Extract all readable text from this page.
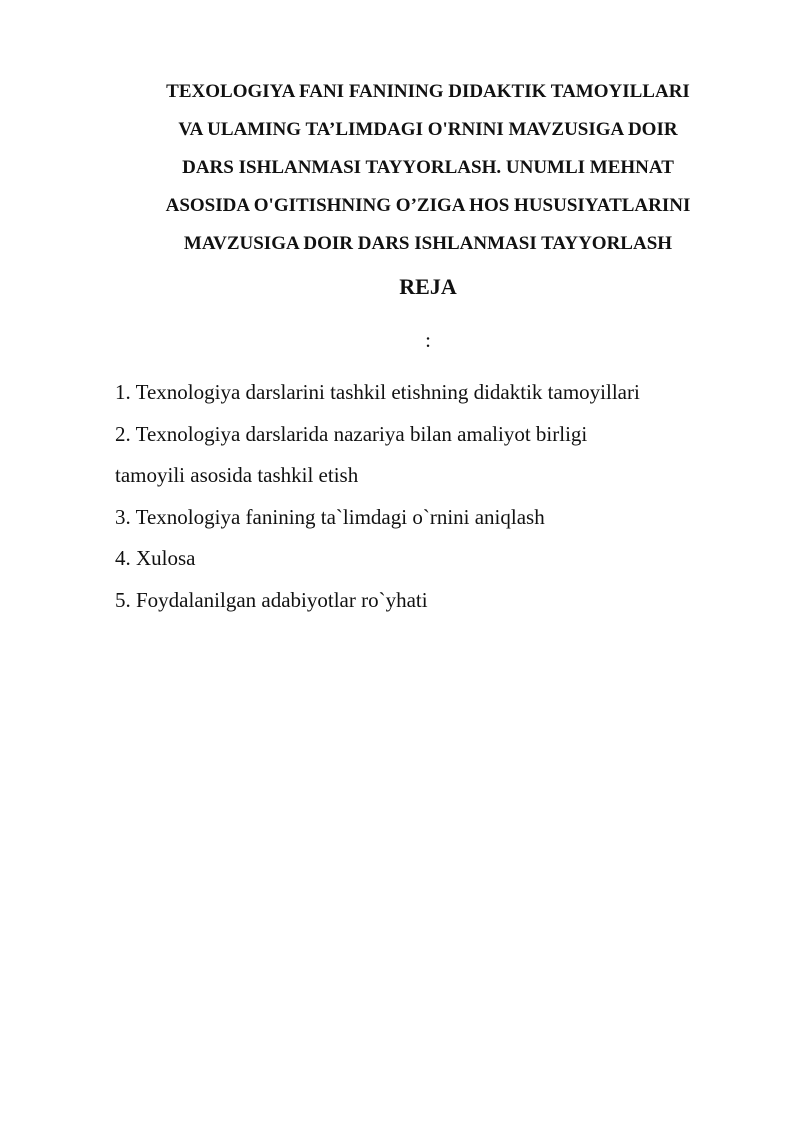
TEXOLOGIYA FANI FANINING DIDAKTIK TAMOYILLARI
VA ULAMING TA’LIMDAGI O'RNINI MAVZUSIGA DOIR
DARS ISHLANMASI TAYYORLASH. UNUMLI MEHNAT
ASOSIDA O'GITISHNING O’ZIGA HOS HUSUSIYATLARINI
MAVZUSIGA DOIR DARS ISHLANMASI TAYYORLASH
REJA
:
1. Texnologiya darslarini tashkil etishning didaktik tamoyillari
2. Texnologiya darslarida nazariya bilan amaliyot birligi
tamoyili asosida tashkil etish
3. Texnologiya fanining ta`limdagi o`rnini aniqlash
4. Xulosa
5. Foydalanilgan adabiyotlar ro`yhati
